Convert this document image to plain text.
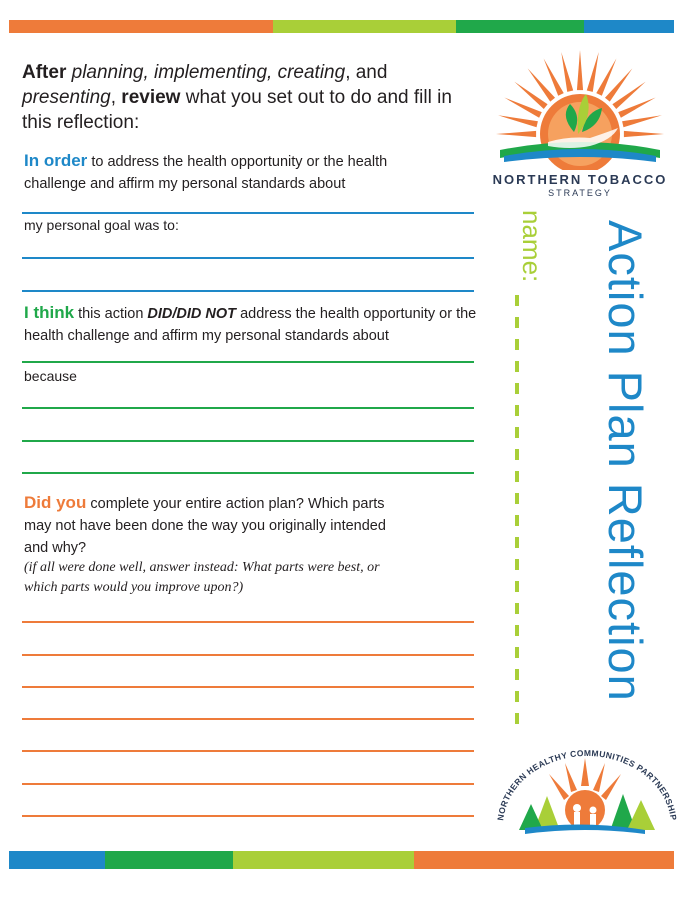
After planning, implementing, creating, and presenting, review what you set out to do and fill in this reflection:
In order to address the health opportunity or the health challenge and affirm my personal standards about
my personal goal was to:
I think this action DID/DID NOT address the health opportunity or the health challenge and affirm my personal standards about
because
Did you complete your entire action plan? Which parts may not have been done the way you originally intended and why?
(if all were done well, answer instead: What parts were best, or which parts would you improve upon?)
NORTHERN TOBACCO
STRATEGY
name: Action Plan Reflection
NORTHERN HEALTHY COMMUNITIES PARTNERSHIP
